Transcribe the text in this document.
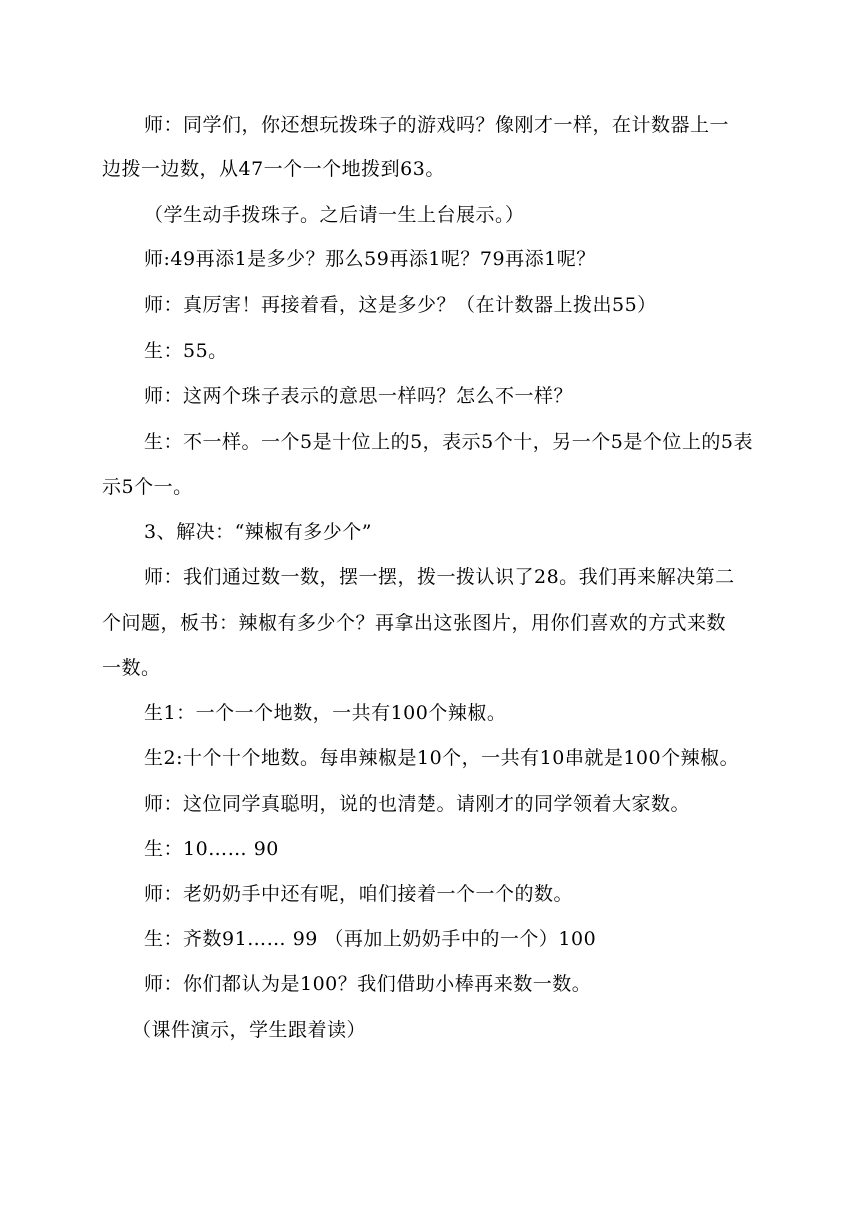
师：同学们，你还想玩拨珠子的游戏吗？像刚才一样，在计数器上一
边拨一边数，从47一个一个地拨到63。
（学生动手拨珠子。之后请一生上台展示。）
师:49再添1是多少？那么59再添1呢？79再添1呢？
师：真厉害！再接着看，这是多少？（在计数器上拨出55）
生：55。
师：这两个珠子表示的意思一样吗？怎么不一样？
生：不一样。一个5是十位上的5，表示5个十，另一个5是个位上的5表
示5个一。
3、解决：“辣椒有多少个”
师：我们通过数一数，摆一摆，拨一拨认识了28。我们再来解决第二
个问题，板书：辣椒有多少个？再拿出这张图片，用你们喜欢的方式来数
一数。
生1：一个一个地数，一共有100个辣椒。
生2:十个十个地数。每串辣椒是10个，一共有10串就是100个辣椒。
师：这位同学真聪明，说的也清楚。请刚才的同学领着大家数。
生：10…… 90
师：老奶奶手中还有呢，咱们接着一个一个的数。
生：齐数91…… 99 （再加上奶奶手中的一个）100
师：你们都认为是100？我们借助小棒再来数一数。
（课件演示，学生跟着读）
